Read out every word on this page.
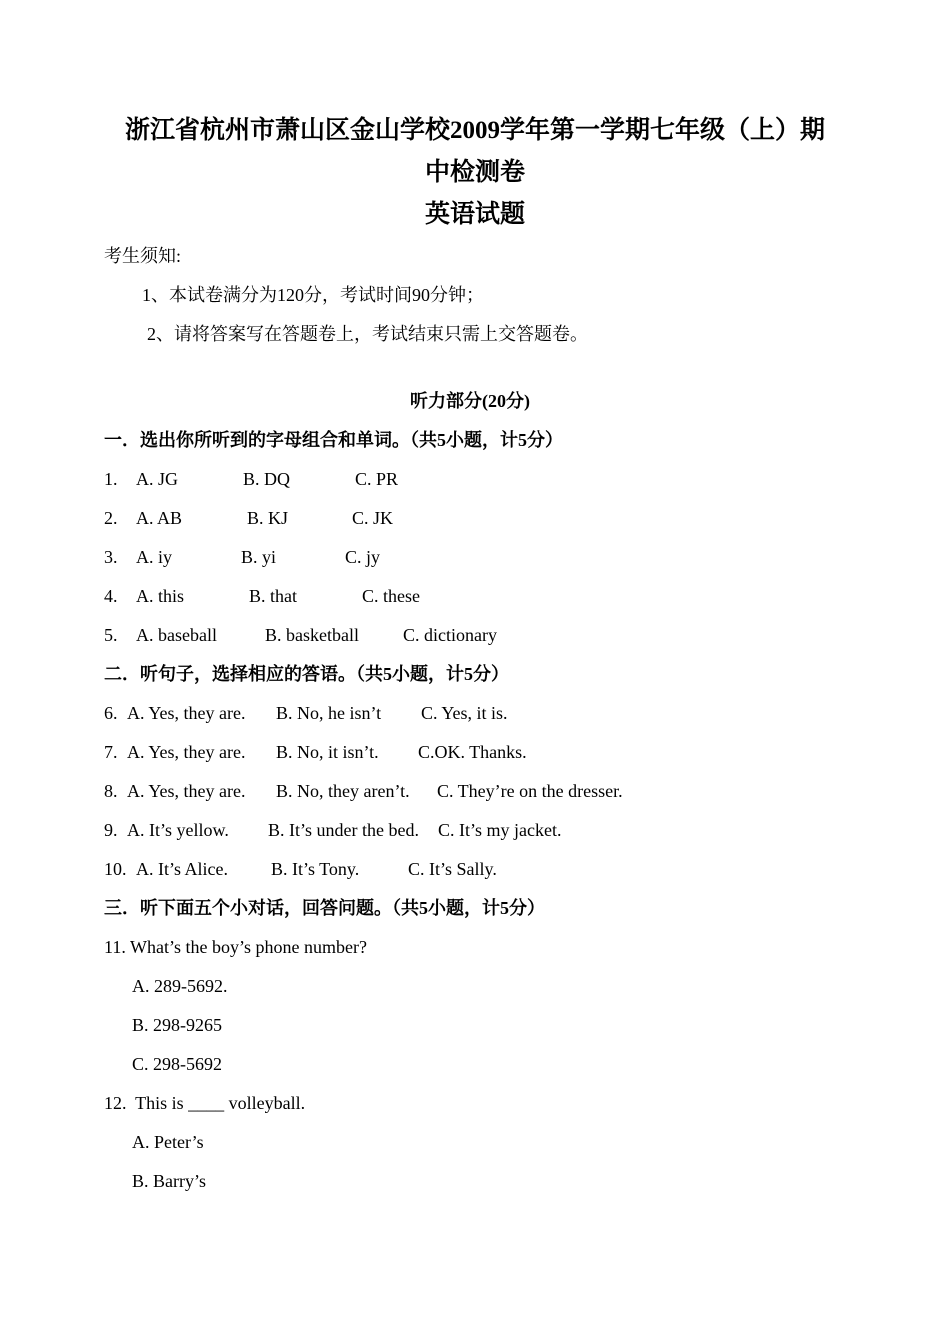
浙江省杭州市萧山区金山学校2009学年第一学期七年级（上）期
中检测卷
英语试题
考生须知:
1、本试卷满分为120分，考试时间90分钟；
2、请将答案写在答题卷上，考试结束只需上交答题卷。
听力部分(20分)
一．选出你所听到的字母组合和单词。（共5小题，计5分）
1. A. JG	B. DQ	C. PR
2. A. AB	B. KJ	C. JK
3. A. iy	B. yi	C. jy
4. A. this	B. that	C. these
5. A. baseball	B. basketball C. dictionary
二．听句子，选择相应的答语。（共5小题，计5分）
6. A. Yes, they are. B. No, he isn’t C. Yes, it is.
7. A. Yes, they are. B. No, it isn’t. C.OK. Thanks.
8. A. Yes, they are. B. No, they aren’t. C. They’re on the dresser.
9. A. It’s yellow. B. It’s under the bed. C. It’s my jacket.
10. A. It’s Alice. B. It’s Tony.	C. It’s Sally.
三．听下面五个小对话，回答问题。（共5小题，计5分）
11. What’s the boy’s phone number?
A. 289-5692.
B. 298-9265
C. 298-5692
12.  This is ____ volleyball.
A. Peter’s
B. Barry’s
